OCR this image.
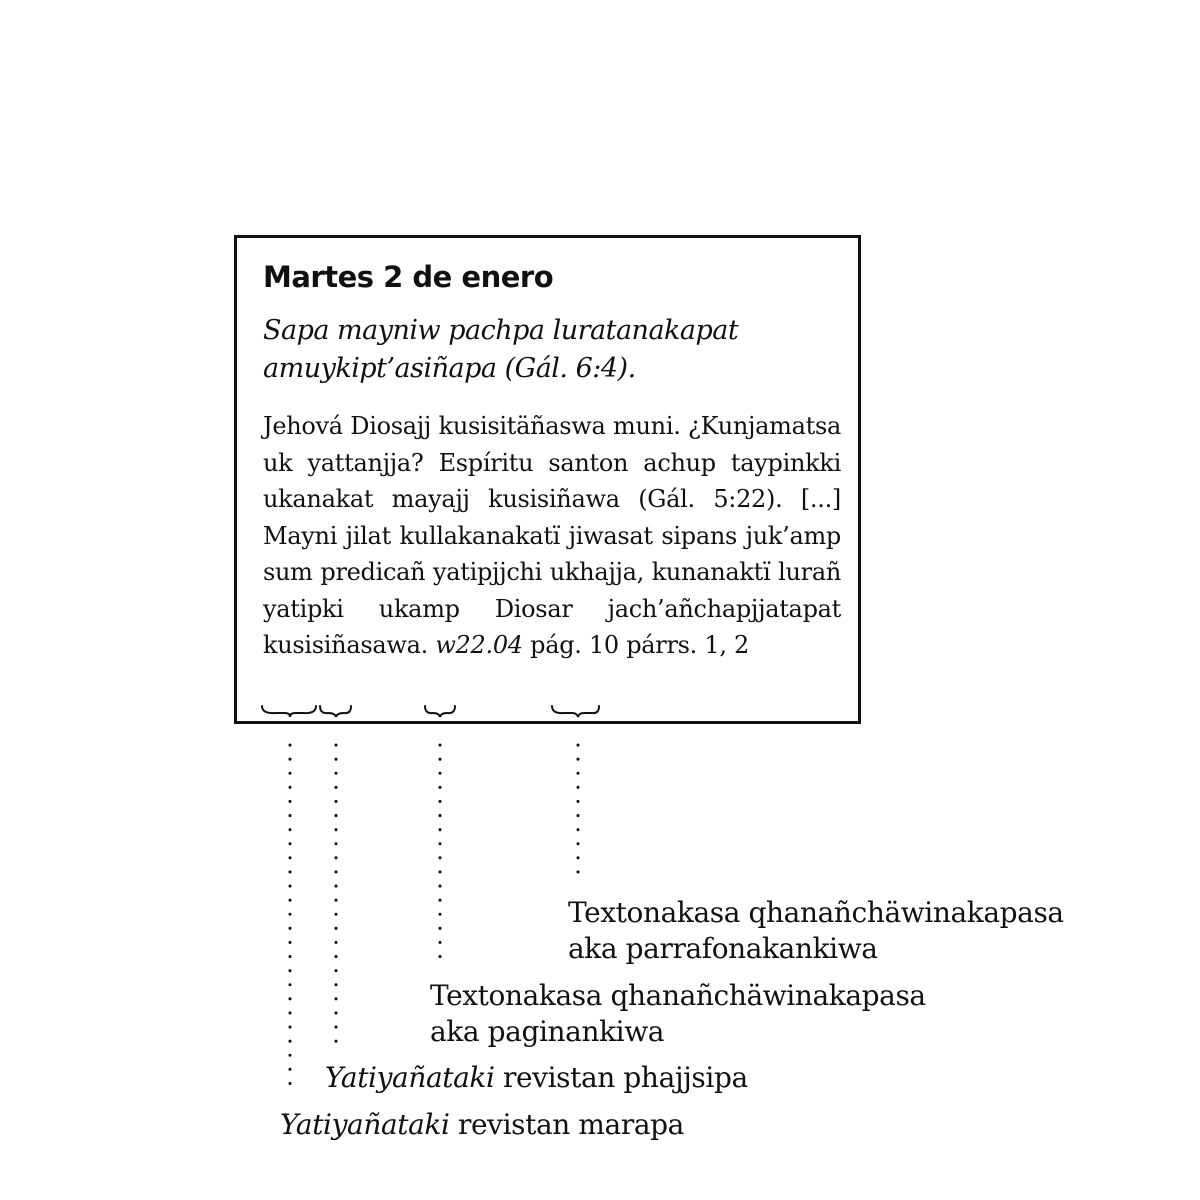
Martes 2 de enero
Sapa mayniw pachpa luratanakapat amuykipt’asiñapa (Gál. 6:4).
Jehová Diosajj kusisitäñaswa muni. ¿Kunjamatsa uk yattanjja? Espíritu santon achup taypinkki ukanakat mayajj kusisiñawa (Gál. 5:22). [...] Mayni jilat kullakanakatï jiwasat sipans juk’amp sum predicañ yatipjjchi ukhajja, kunanaktï lurañ yatipki ukamp Diosar jach’añchapjjatapat kusisiñasawa. w22.04 pág. 10 párrs. 1, 2
Textonakasa qhanañchäwinakapasa
aka parrafonakankiwa
Textonakasa qhanañchäwinakapasa
aka paginankiwa
Yatiyañataki revistan phajjsipa
Yatiyañataki revistan marapa
